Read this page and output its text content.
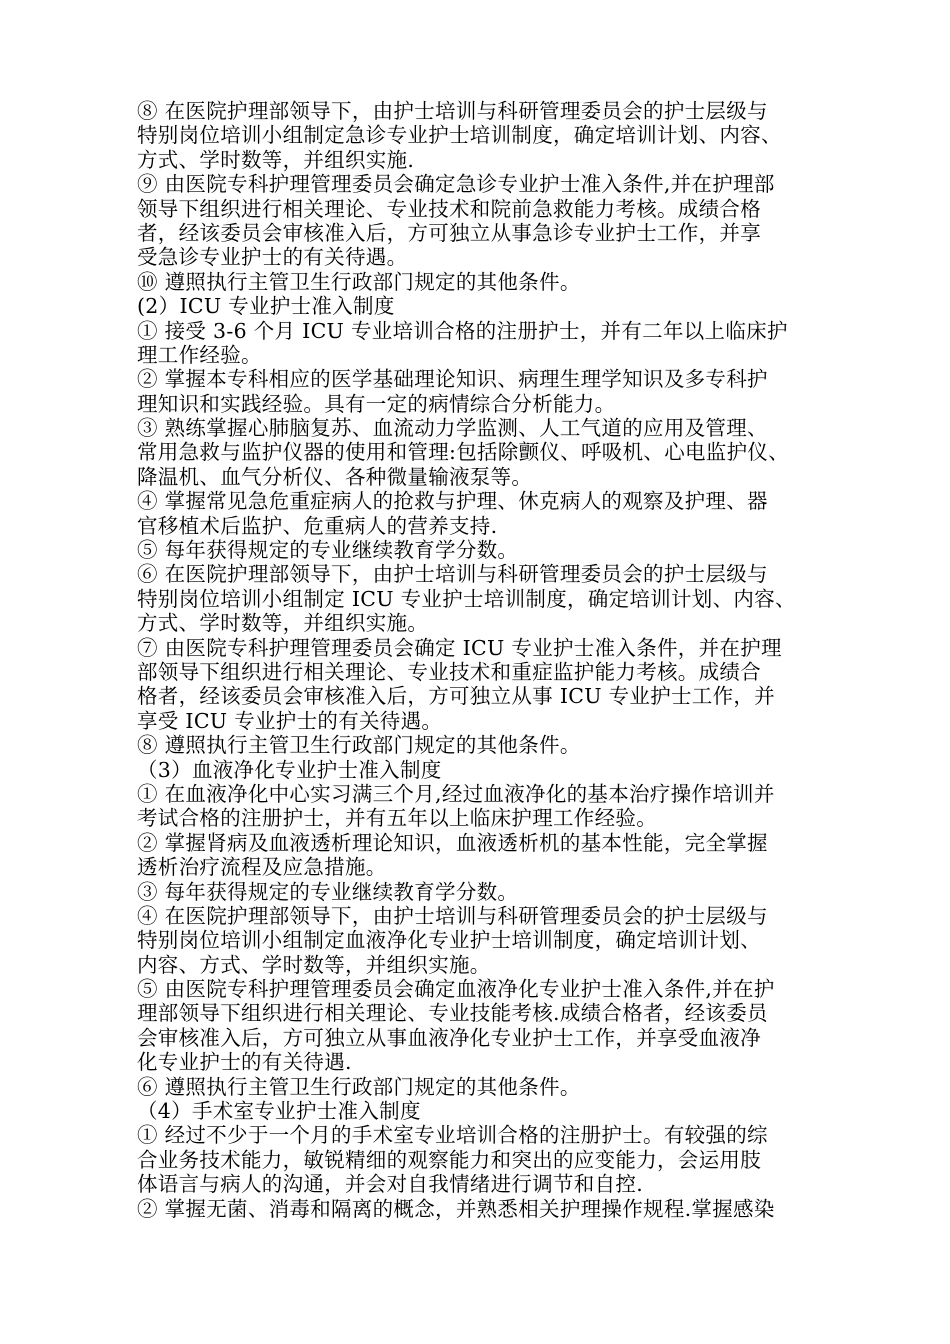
⑧ 在医院护理部领导下，由护士培训与科研管理委员会的护士层级与
特别岗位培训小组制定急诊专业护士培训制度，确定培训计划、内容、
方式、学时数等，并组织实施.
⑨ 由医院专科护理管理委员会确定急诊专业护士准入条件,并在护理部
领导下组织进行相关理论、专业技术和院前急救能力考核。成绩合格
者，经该委员会审核准入后，方可独立从事急诊专业护士工作，并享
受急诊专业护士的有关待遇。
⑩ 遵照执行主管卫生行政部门规定的其他条件。
(2）ICU 专业护士准入制度
① 接受 3-6 个月 ICU 专业培训合格的注册护士，并有二年以上临床护
理工作经验。
② 掌握本专科相应的医学基础理论知识、病理生理学知识及多专科护
理知识和实践经验。具有一定的病情综合分析能力。
③ 熟练掌握心肺脑复苏、血流动力学监测、人工气道的应用及管理、
常用急救与监护仪器的使用和管理:包括除颤仪、呼吸机、心电监护仪、
降温机、血气分析仪、各种微量输液泵等。
④ 掌握常见急危重症病人的抢救与护理、休克病人的观察及护理、器
官移植术后监护、危重病人的营养支持.
⑤ 每年获得规定的专业继续教育学分数。
⑥ 在医院护理部领导下，由护士培训与科研管理委员会的护士层级与
特别岗位培训小组制定 ICU 专业护士培训制度，确定培训计划、内容、
方式、学时数等，并组织实施。
⑦ 由医院专科护理管理委员会确定 ICU 专业护士准入条件，并在护理
部领导下组织进行相关理论、专业技术和重症监护能力考核。成绩合
格者，经该委员会审核准入后，方可独立从事 ICU 专业护士工作，并
享受 ICU 专业护士的有关待遇。
⑧ 遵照执行主管卫生行政部门规定的其他条件。
（3）血液净化专业护士准入制度
① 在血液净化中心实习满三个月,经过血液净化的基本治疗操作培训并
考试合格的注册护士，并有五年以上临床护理工作经验。
② 掌握肾病及血液透析理论知识，血液透析机的基本性能，完全掌握
透析治疗流程及应急措施。
③ 每年获得规定的专业继续教育学分数。
④ 在医院护理部领导下，由护士培训与科研管理委员会的护士层级与
特别岗位培训小组制定血液净化专业护士培训制度，确定培训计划、
内容、方式、学时数等，并组织实施。
⑤ 由医院专科护理管理委员会确定血液净化专业护士准入条件,并在护
理部领导下组织进行相关理论、专业技能考核.成绩合格者，经该委员
会审核准入后，方可独立从事血液净化专业护士工作，并享受血液净
化专业护士的有关待遇.
⑥ 遵照执行主管卫生行政部门规定的其他条件。
（4）手术室专业护士准入制度
① 经过不少于一个月的手术室专业培训合格的注册护士。有较强的综
合业务技术能力，敏锐精细的观察能力和突出的应变能力，会运用肢
体语言与病人的沟通，并会对自我情绪进行调节和自控.
② 掌握无菌、消毒和隔离的概念，并熟悉相关护理操作规程.掌握感染
